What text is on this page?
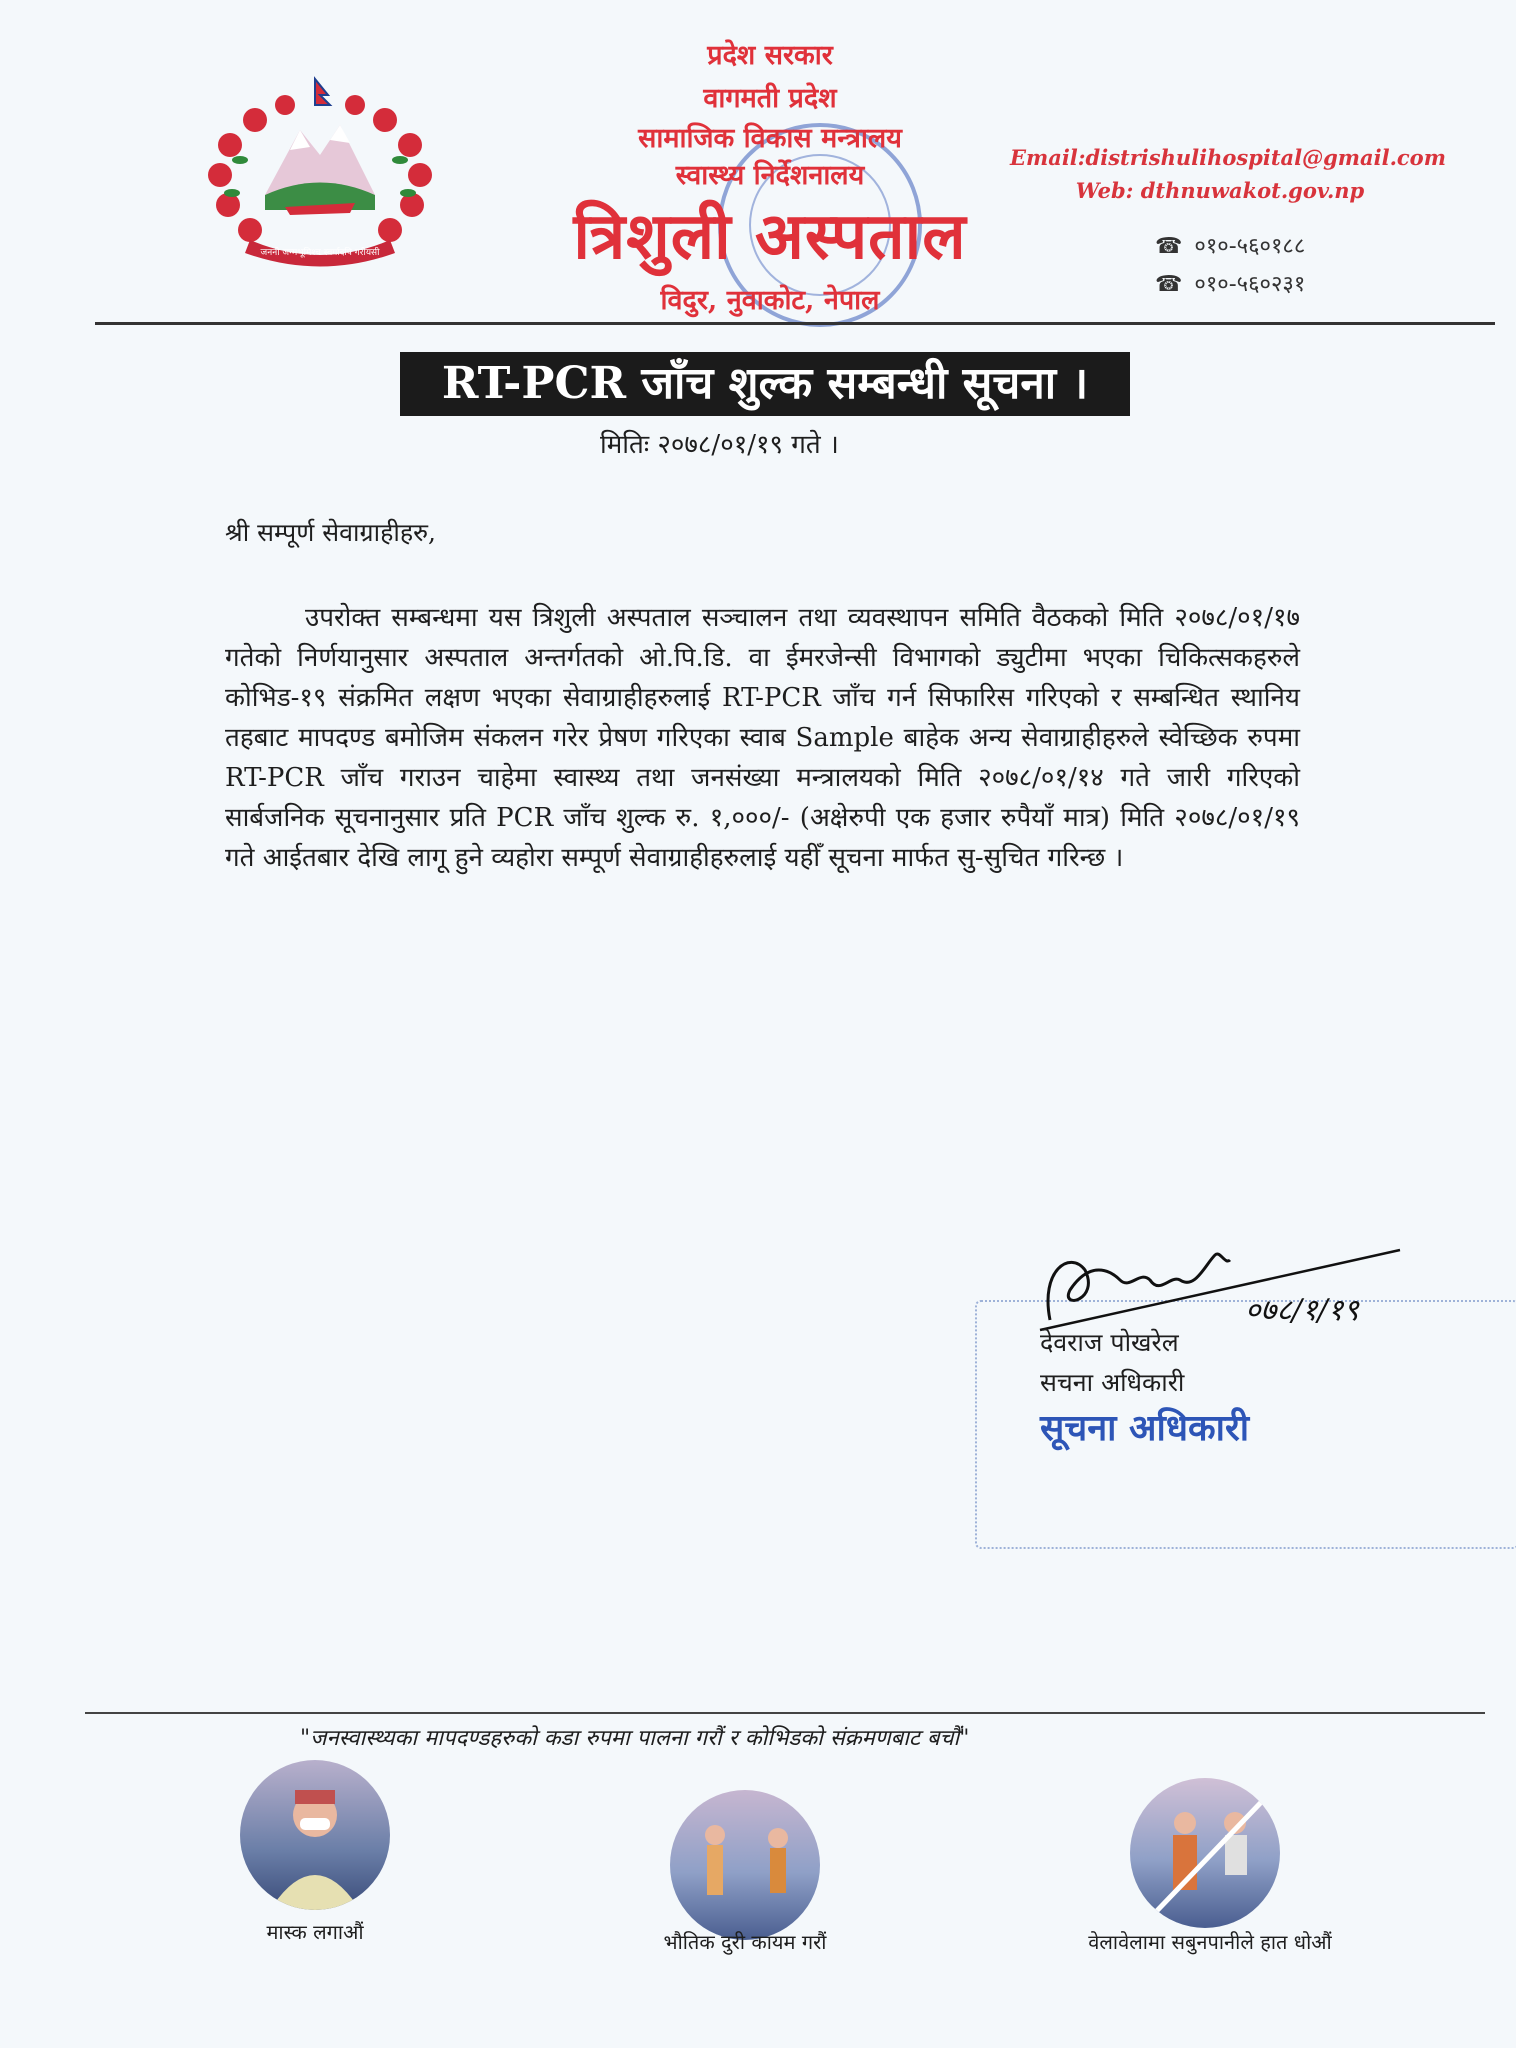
जननी जन्मभूमिश्च स्वर्गादपि गरीयसी
प्रदेश सरकार
वागमती प्रदेश
सामाजिक विकास मन्त्रालय
स्वास्थ्य निर्देशनालय
त्रिशुली अस्पताल
विदुर, नुवाकोट, नेपाल
Email:distrishulihospital@gmail.com
Web: dthnuwakot.gov.np
☎ ०१०-५६०१८८
☎ ०१०-५६०२३१
RT-PCR जाँच शुल्क सम्बन्धी सूचना ।
मितिः २०७८/०१/१९ गते ।
श्री सम्पूर्ण सेवाग्राहीहरु,
उपरोक्त सम्बन्धमा यस त्रिशुली अस्पताल सञ्चालन तथा व्यवस्थापन समिति वैठकको मिति २०७८/०१/१७ गतेको निर्णयानुसार अस्पताल अन्तर्गतको ओ.पि.डि. वा ईमरजेन्सी विभागको ड्युटीमा भएका चिकित्सकहरुले कोभिड-१९ संक्रमित लक्षण भएका सेवाग्राहीहरुलाई RT-PCR जाँच गर्न सिफारिस गरिएको र सम्बन्धित स्थानिय तहबाट मापदण्ड बमोजिम संकलन गरेर प्रेषण गरिएका स्वाब Sample बाहेक अन्य सेवाग्राहीहरुले स्वेच्छिक रुपमा RT-PCR जाँच गराउन चाहेमा स्वास्थ्य तथा जनसंख्या मन्त्रालयको मिति २०७८/०१/१४ गते जारी गरिएको सार्बजनिक सूचनानुसार प्रति PCR जाँच शुल्क रु. १,०००/- (अक्षेरुपी एक हजार रुपैयाँ मात्र) मिति २०७८/०१/१९ गते आईतबार देखि लागू हुने व्यहोरा सम्पूर्ण सेवाग्राहीहरुलाई यहीँ सूचना मार्फत सु-सुचित गरिन्छ ।
०७८/१/१९
देवराज पोखरेल
सचना अधिकारी
सूचना अधिकारी
"जनस्वास्थ्यका मापदण्डहरुको कडा रुपमा पालना गरौं र कोभिडको संक्रमणबाट बचौं"
मास्क लगाऔं	भौतिक दुरी कायम गरौं	वेलावेलामा सबुनपानीले हात धोऔं
